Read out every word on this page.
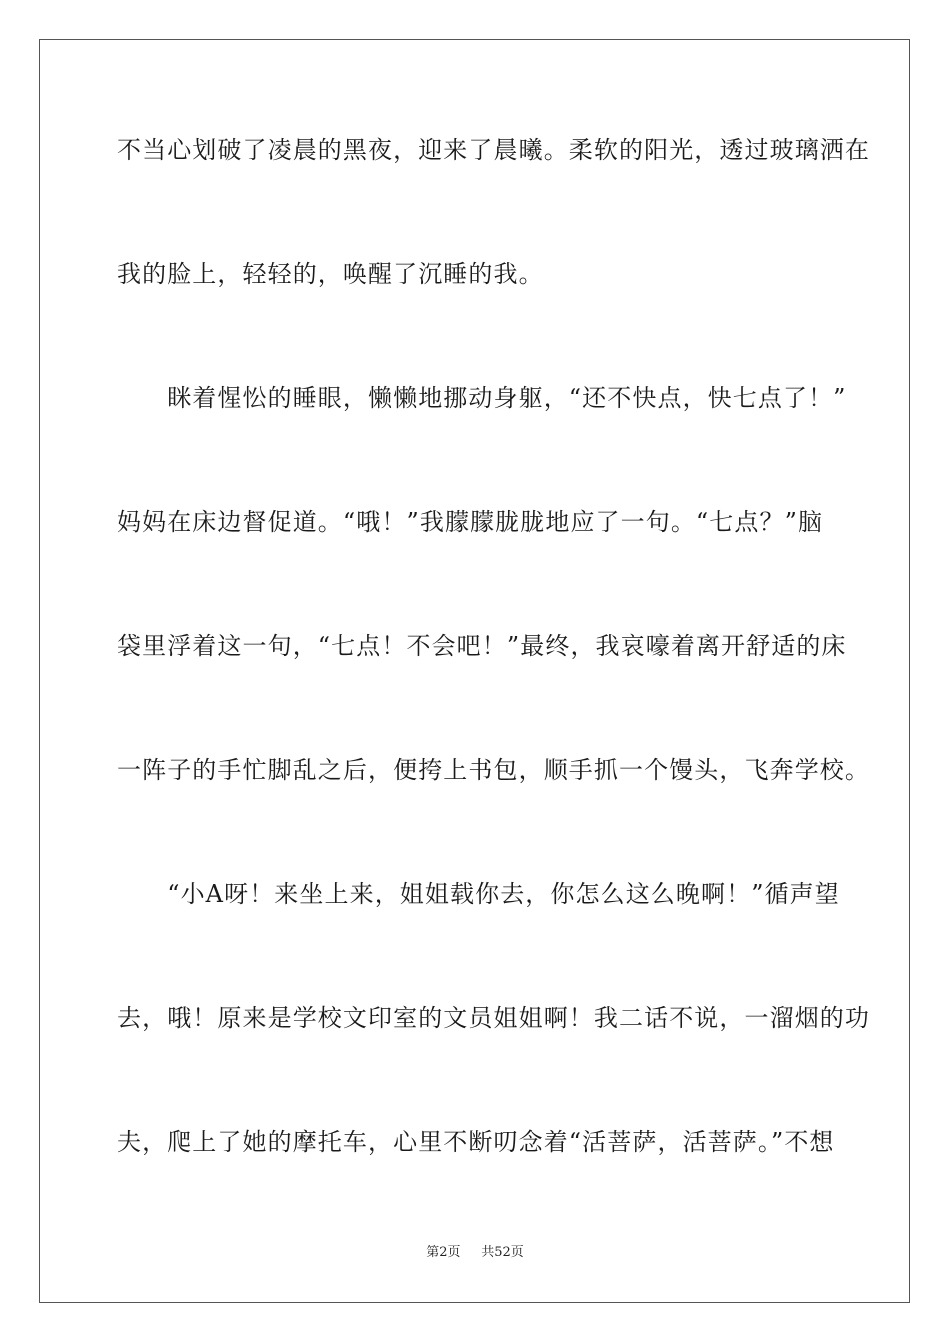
不当心划破了凌晨的黑夜，迎来了晨曦。柔软的阳光，透过玻璃洒在
我的脸上，轻轻的，唤醒了沉睡的我。
　　眯着惺忪的睡眼，懒懒地挪动身躯，“还不快点，快七点了！”
妈妈在床边督促道。“哦！”我朦朦胧胧地应了一句。“七点？”脑
袋里浮着这一句，“七点！不会吧！”最终，我哀嚎着离开舒适的床
一阵子的手忙脚乱之后，便挎上书包，顺手抓一个馒头，飞奔学校。
　　“小A呀！来坐上来，姐姐载你去，你怎么这么晚啊！”循声望
去，哦！原来是学校文印室的文员姐姐啊！我二话不说，一溜烟的功
夫，爬上了她的摩托车，心里不断叨念着“活菩萨，活菩萨。”不想
第2页 共52页
